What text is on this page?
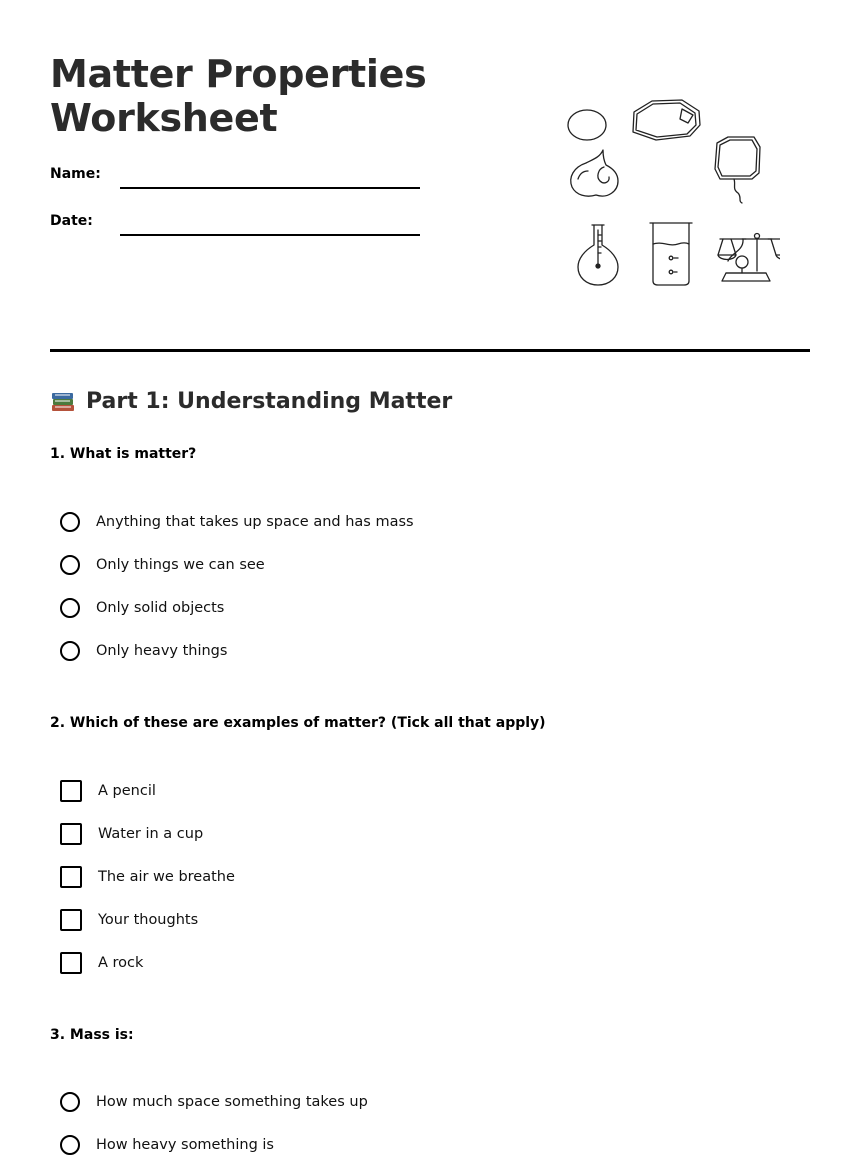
Matter Properties Worksheet
Name:
Date:
Part 1: Understanding Matter

1. What is matter?

Anything that takes up space and has mass
Only things we can see
Only solid objects
Only heavy things

2. Which of these are examples of matter? (Tick all that apply)

A pencil
Water in a cup
The air we breathe
Your thoughts
A rock

3. Mass is:

How much space something takes up
How heavy something is
